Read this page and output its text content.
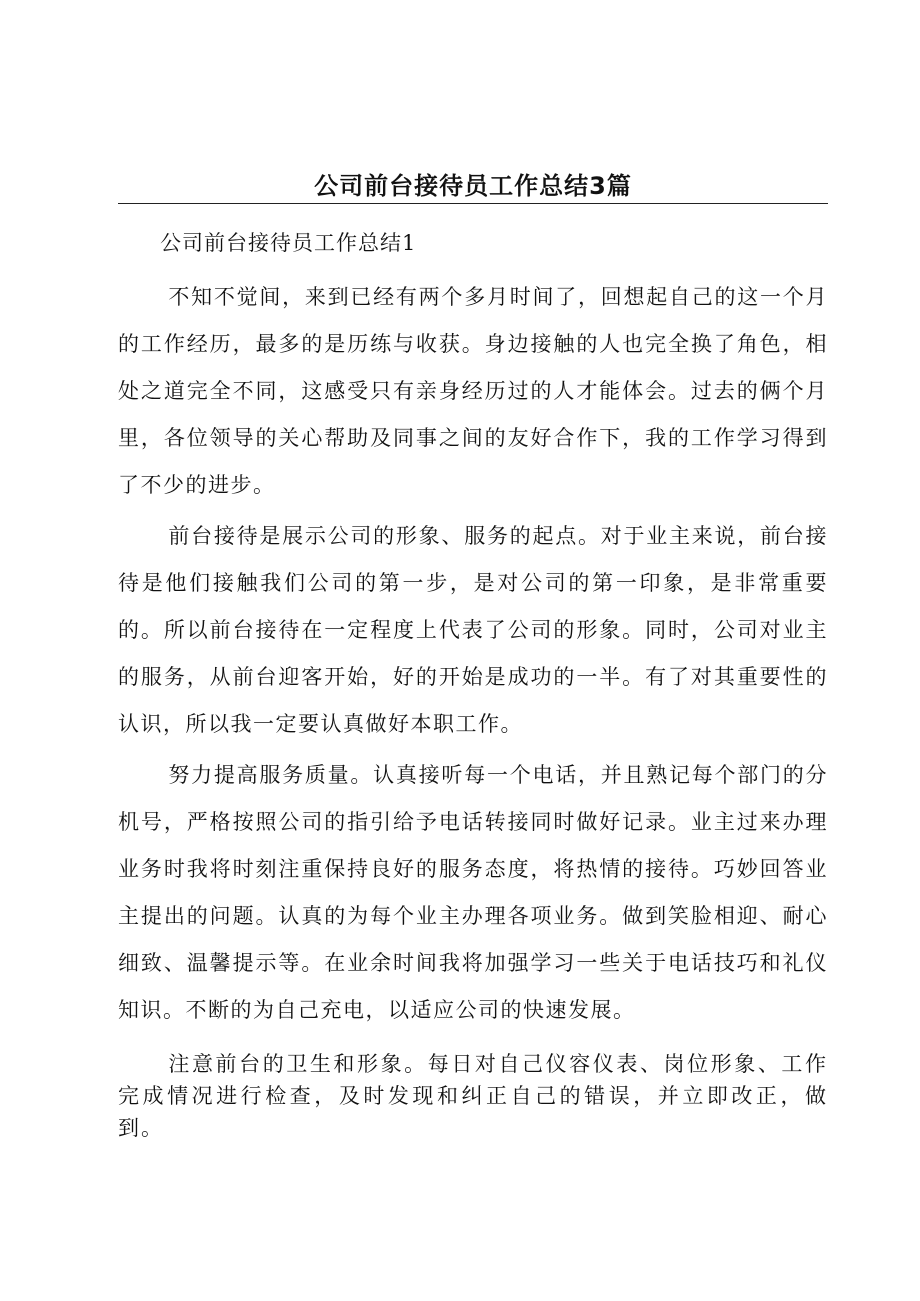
公司前台接待员工作总结3篇

公司前台接待员工作总结1

不知不觉间，来到已经有两个多月时间了，回想起自己的这一个月的工作经历，最多的是历练与收获。身边接触的人也完全换了角色，相处之道完全不同，这感受只有亲身经历过的人才能体会。过去的俩个月里，各位领导的关心帮助及同事之间的友好合作下，我的工作学习得到了不少的进步。

前台接待是展示公司的形象、服务的起点。对于业主来说，前台接待是他们接触我们公司的第一步，是对公司的第一印象，是非常重要的。所以前台接待在一定程度上代表了公司的形象。同时，公司对业主的服务，从前台迎客开始，好的开始是成功的一半。有了对其重要性的认识，所以我一定要认真做好本职工作。

努力提高服务质量。认真接听每一个电话，并且熟记每个部门的分机号，严格按照公司的指引给予电话转接同时做好记录。业主过来办理业务时我将时刻注重保持良好的服务态度，将热情的接待。巧妙回答业主提出的问题。认真的为每个业主办理各项业务。做到笑脸相迎、耐心细致、温馨提示等。在业余时间我将加强学习一些关于电话技巧和礼仪知识。不断的为自己充电，以适应公司的快速发展。

注意前台的卫生和形象。每日对自己仪容仪表、岗位形象、工作完成情况进行检查，及时发现和纠正自己的错误，并立即改正，做到。
